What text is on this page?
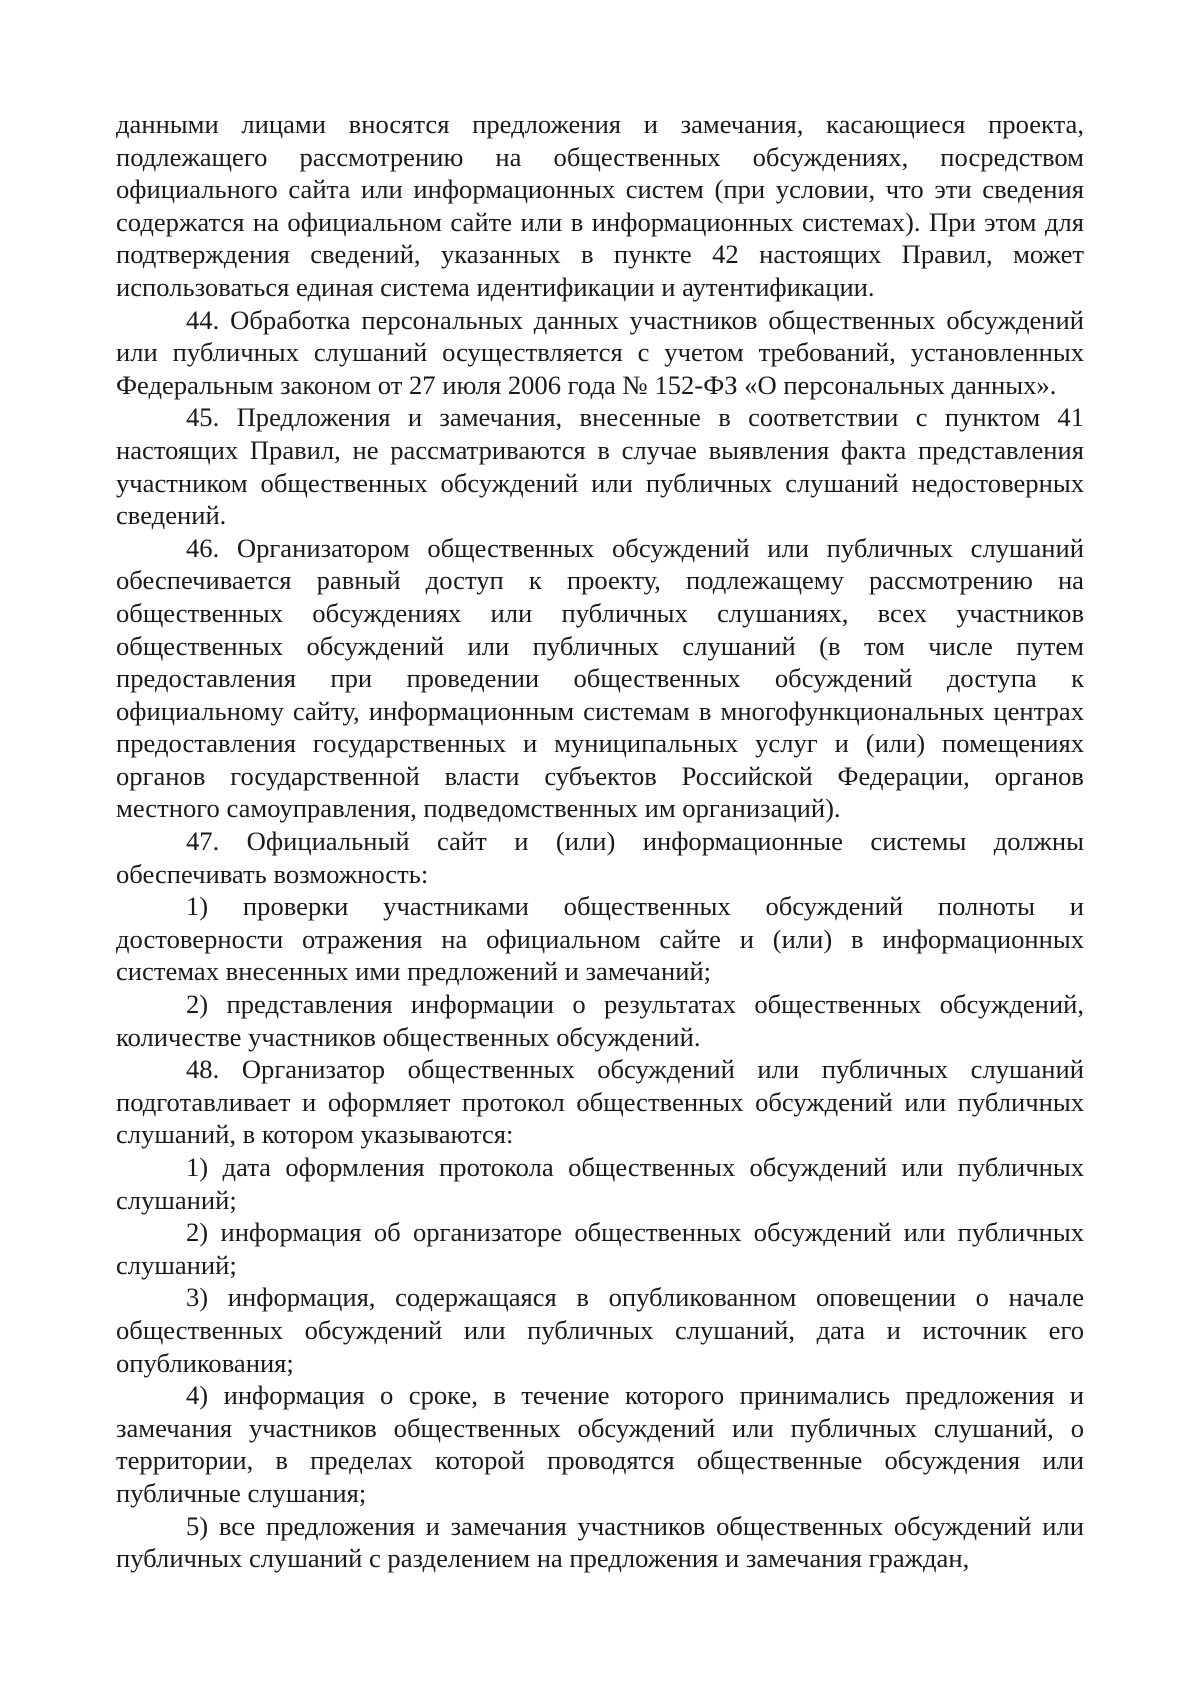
данными лицами вносятся предложения и замечания, касающиеся проекта, подлежащего рассмотрению на общественных обсуждениях, посредством официального сайта или информационных систем (при условии, что эти сведения содержатся на официальном сайте или в информационных системах). При этом для подтверждения сведений, указанных в пункте 42 настоящих Правил, может использоваться единая система идентификации и аутентификации.

44. Обработка персональных данных участников общественных обсуждений или публичных слушаний осуществляется с учетом требований, установленных Федеральным законом от 27 июля 2006 года № 152-ФЗ «О персональных данных».

45. Предложения и замечания, внесенные в соответствии с пунктом 41 настоящих Правил, не рассматриваются в случае выявления факта представления участником общественных обсуждений или публичных слушаний недостоверных сведений.

46. Организатором общественных обсуждений или публичных слушаний обеспечивается равный доступ к проекту, подлежащему рассмотрению на общественных обсуждениях или публичных слушаниях, всех участников общественных обсуждений или публичных слушаний (в том числе путем предоставления при проведении общественных обсуждений доступа к официальному сайту, информационным системам в многофункциональных центрах предоставления государственных и муниципальных услуг и (или) помещениях органов государственной власти субъектов Российской Федерации, органов местного самоуправления, подведомственных им организаций).

47. Официальный сайт и (или) информационные системы должны обеспечивать возможность:

1) проверки участниками общественных обсуждений полноты и достоверности отражения на официальном сайте и (или) в информационных системах внесенных ими предложений и замечаний;

2) представления информации о результатах общественных обсуждений, количестве участников общественных обсуждений.

48. Организатор общественных обсуждений или публичных слушаний подготавливает и оформляет протокол общественных обсуждений или публичных слушаний, в котором указываются:

1) дата оформления протокола общественных обсуждений или публичных слушаний;

2) информация об организаторе общественных обсуждений или публичных слушаний;

3) информация, содержащаяся в опубликованном оповещении о начале общественных обсуждений или публичных слушаний, дата и источник его опубликования;

4) информация о сроке, в течение которого принимались предложения и замечания участников общественных обсуждений или публичных слушаний, о территории, в пределах которой проводятся общественные обсуждения или публичные слушания;

5) все предложения и замечания участников общественных обсуждений или публичных слушаний с разделением на предложения и замечания граждан,
